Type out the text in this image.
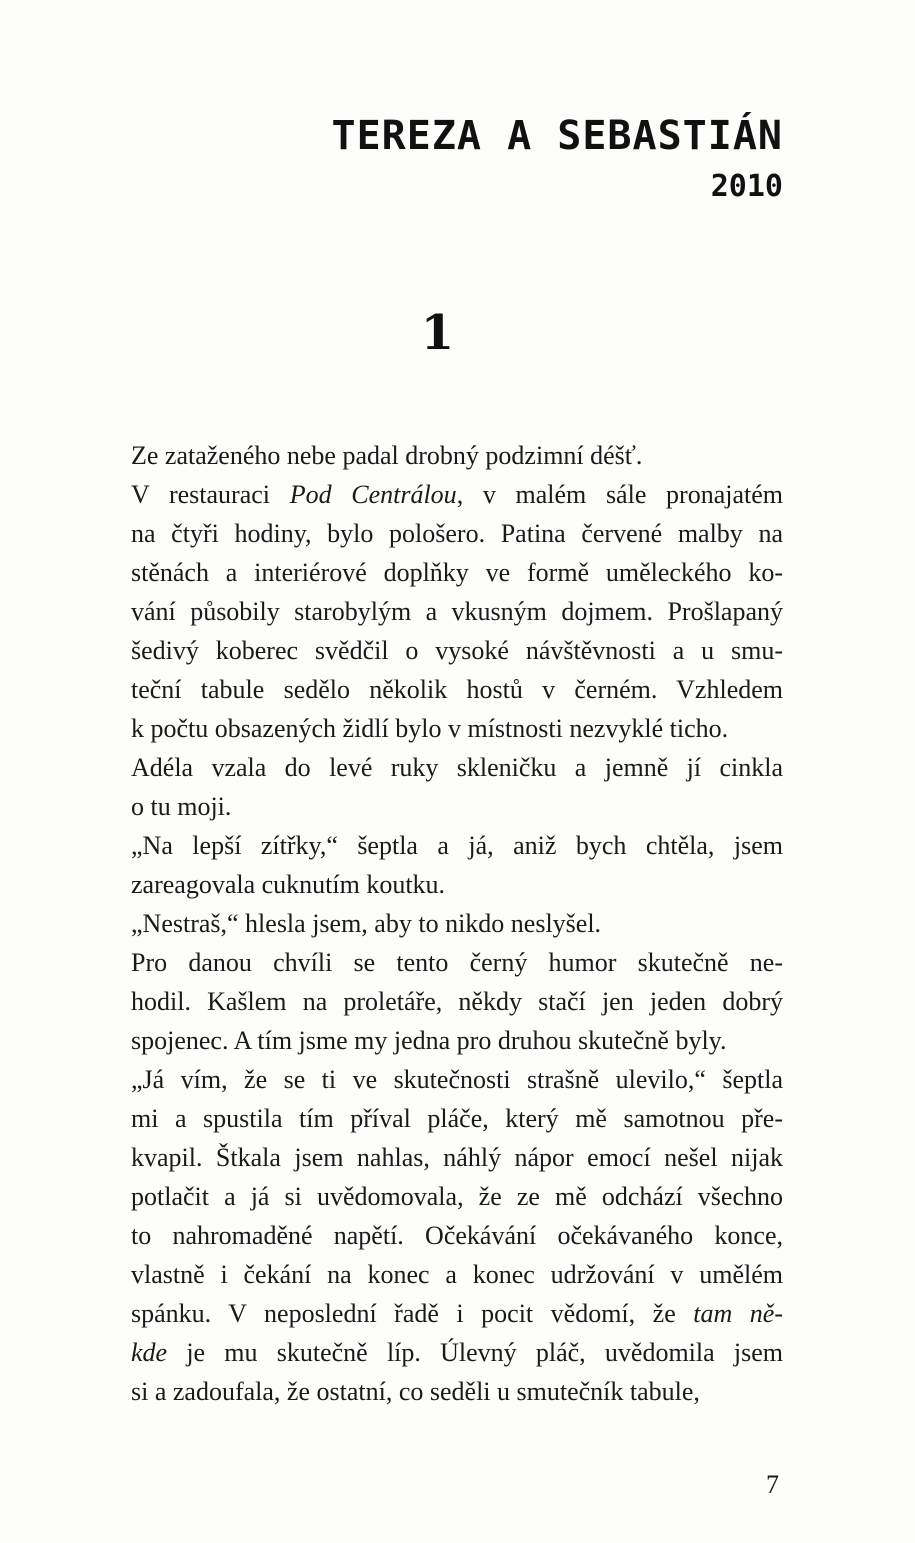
TEREZA A SEBASTIÁN
2010
1

Ze zataženého nebe padal drobný podzimní déšť.

V restauraci Pod Centrálou, v malém sále pronajatém

na čtyři hodiny, bylo pološero. Patina červené malby na

stěnách a interiérové doplňky ve formě uměleckého ko-

vání působily starobylým a vkusným dojmem. Prošlapaný

šedivý koberec svědčil o vysoké návštěvnosti a u smu-

teční tabule sedělo několik hostů v černém. Vzhledem

k počtu obsazených židlí bylo v místnosti nezvyklé ticho.

Adéla vzala do levé ruky skleničku a jemně jí cinkla

o tu moji.

„Na lepší zítřky,“ šeptla a já, aniž bych chtěla, jsem

zareagovala cuknutím koutku.

„Nestraš,“ hlesla jsem, aby to nikdo neslyšel.

Pro danou chvíli se tento černý humor skutečně ne-

hodil. Kašlem na proletáře, někdy stačí jen jeden dobrý

spojenec. A tím jsme my jedna pro druhou skutečně byly.

„Já vím, že se ti ve skutečnosti strašně ulevilo,“ šeptla

mi a spustila tím příval pláče, který mě samotnou pře-

kvapil. Štkala jsem nahlas, náhlý nápor emocí nešel nijak

potlačit a já si uvědomovala, že ze mě odchází všechno

to nahromaděné napětí. Očekávání očekávaného konce,

vlastně i čekání na konec a konec udržování v umělém

spánku. V neposlední řadě i pocit vědomí, že tam ně-

kde je mu skutečně líp. Úlevný pláč, uvědomila jsem

si a zadoufala, že ostatní, co seděli u smutečník tabule,

7
